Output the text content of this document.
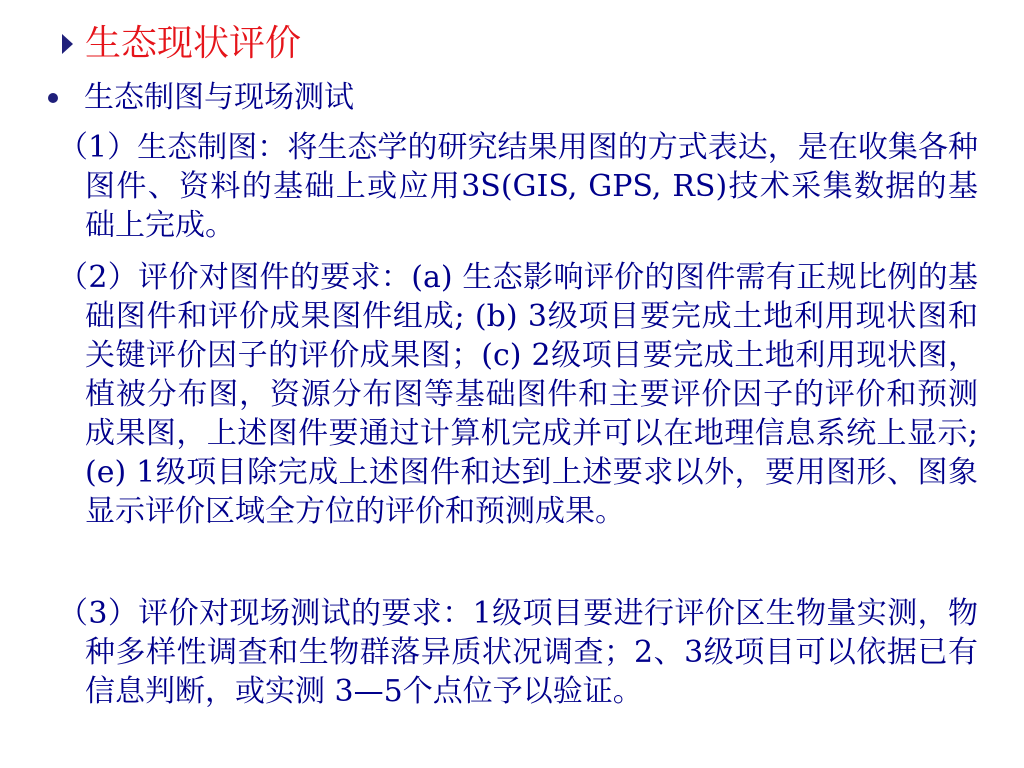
生态现状评价
生态制图与现场测试

（1）生态制图：将生态学的研究结果用图的方式表达，是在收集各种图件、资料的基础上或应用3S(GIS, GPS, RS)技术采集数据的基础上完成。

（2）评价对图件的要求：(a) 生态影响评价的图件需有正规比例的基础图件和评价成果图件组成; (b) 3级项目要完成土地利用现状图和关键评价因子的评价成果图；(c) 2级项目要完成土地利用现状图，植被分布图，资源分布图等基础图件和主要评价因子的评价和预测成果图，上述图件要通过计算机完成并可以在地理信息系统上显示; (e) 1级项目除完成上述图件和达到上述要求以外，要用图形、图象显示评价区域全方位的评价和预测成果。

（3）评价对现场测试的要求：1级项目要进行评价区生物量实测，物种多样性调查和生物群落异质状况调查；2、3级项目可以依据已有信息判断，或实测 3—5个点位予以验证。
